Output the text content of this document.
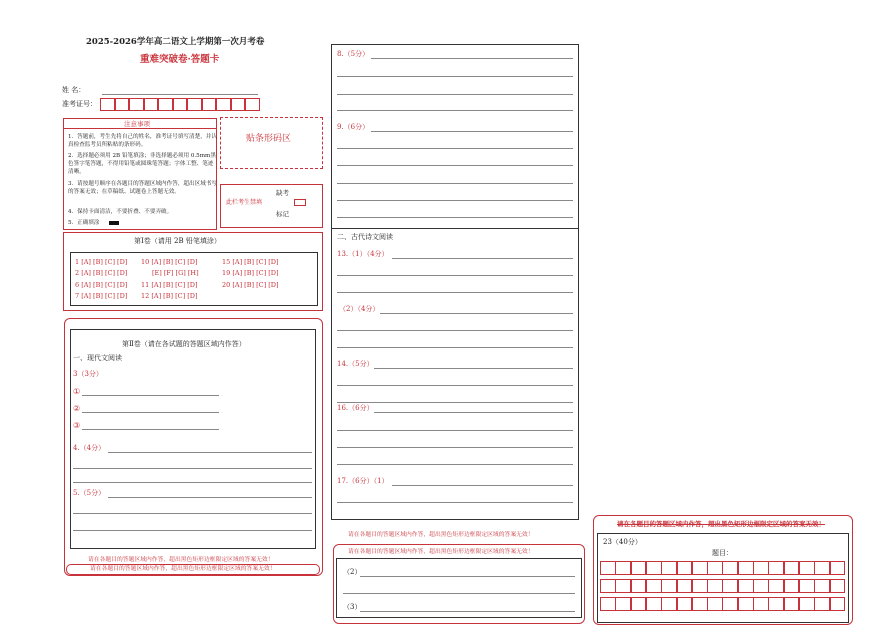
2025-2026学年高二语文上学期第一次月考卷
重难突破卷·答题卡
姓 名：
准考证号：
注意事项
1．答题前，考生先将自己的姓名，准考证号填写清楚，并认真检查监考员所粘贴的条形码。
2．选择题必须用 2B 铅笔填涂；非选择题必须用 0.5mm黑色签字笔答题，不得用铅笔或圆珠笔答题；字体工整、笔迹清晰。
3．请按题号顺序在各题目的答题区域内作答，超出区域书写的答案无效；在草稿纸、试题卷上答题无效。
4．保持卡面清洁，不要折叠、不要弄破。
5．正确填涂
贴条形码区
此栏考生禁填
缺考
标记
第Ⅰ卷（请用 2B 铅笔填涂）
1 [A] [B] [C] [D] 10 [A] [B] [C] [D]	15 [A] [B] [C] [D]
2 [A] [B] [C] [D]	[E] [F] [G] [H]	19 [A] [B] [C] [D]
6 [A] [B] [C] [D] 11 [A] [B] [C] [D]	20 [A] [B] [C] [D]
7 [A] [B] [C] [D] 12 [A] [B] [C] [D]
第Ⅱ卷（请在各试题的答题区域内作答）
一、现代文阅读
3（3分）
①
②
③
4.（4分）
5.（5分）
请在各题目的答题区域内作答，超出黑色矩形边框限定区域的答案无效！
请在各题目的答题区域内作答，超出黑色矩形边框限定区域的答案无效！
8.（5分）
9.（6分）
二、古代诗文阅读
13.（1）（4分）
（2）（4分）
14.（5分）
16.（6分）
17.（6分）（1）
请在各题目的答题区域内作答，超出黑色矩形边框限定区域的答案无效！
请在各题目的答题区域内作答，超出黑色矩形边框限定区域的答案无效！
（2）
（3）
请在各题目的答题区域内作答，超出黑色矩形边框限定区域的答案无效！
23（40分）
题目：
